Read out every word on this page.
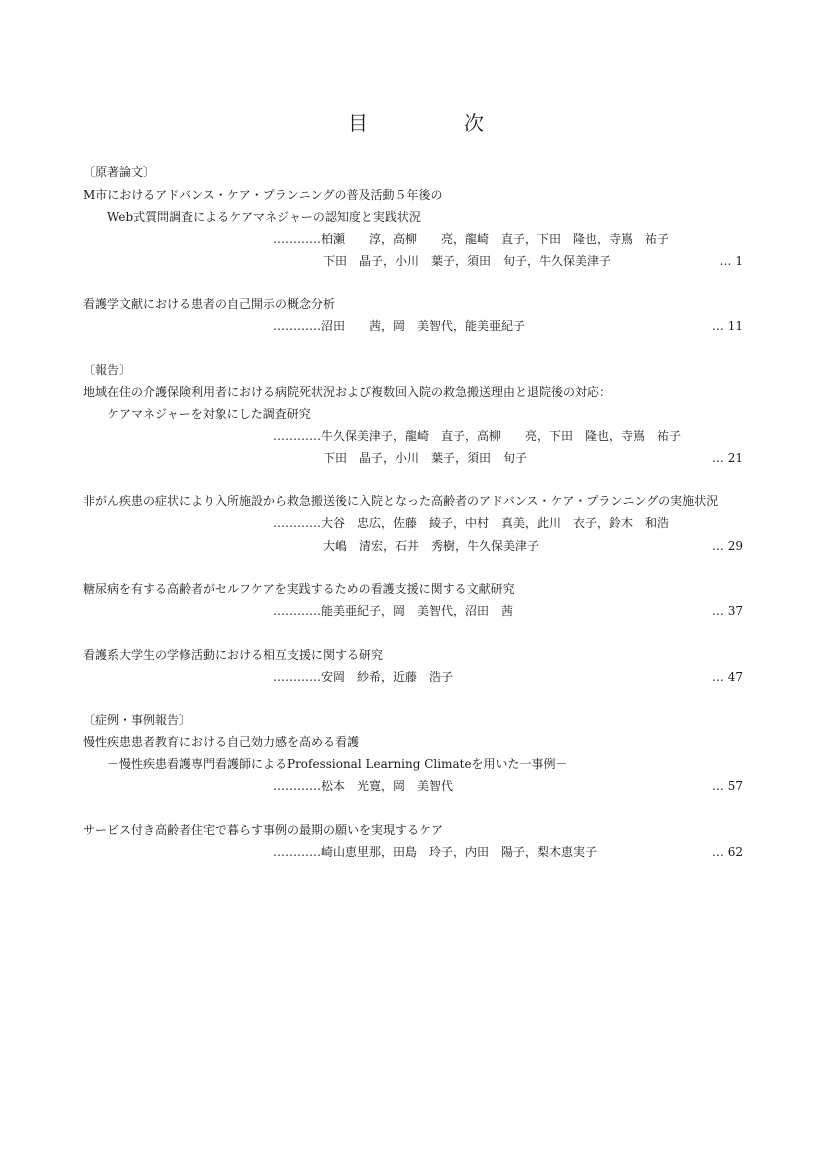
目	次
〔原著論文〕
M市におけるアドバンス・ケア・プランニングの普及活動５年後の
Web式質問調査によるケアマネジャーの認知度と実践状況
…………柏瀬　　淳，高柳　　亮，龍崎　直子，下田　隆也，寺嶌　祐子
下田　晶子，小川　葉子，須田　旬子，牛久保美津子	… 1
看護学文献における患者の自己開示の概念分析
…………沼田　　茜，岡　美智代，能美亜紀子	… 11
〔報告〕
地域在住の介護保険利用者における病院死状況および複数回入院の救急搬送理由と退院後の対応：
ケアマネジャーを対象にした調査研究
…………牛久保美津子，龍崎　直子，高柳　　亮，下田　隆也，寺嶌　祐子
下田　晶子，小川　葉子，須田　旬子	… 21
非がん疾患の症状により入所施設から救急搬送後に入院となった高齢者のアドバンス・ケア・プランニングの実施状況
…………大谷　忠広，佐藤　綾子，中村　真美，此川　衣子，鈴木　和浩
大嶋　清宏，石井　秀樹，牛久保美津子	… 29
糖尿病を有する高齢者がセルフケアを実践するための看護支援に関する文献研究
…………能美亜紀子，岡　美智代，沼田　茜	… 37
看護系大学生の学修活動における相互支援に関する研究
…………安岡　紗希，近藤　浩子	… 47
〔症例・事例報告〕
慢性疾患患者教育における自己効力感を高める看護
－慢性疾患看護専門看護師によるProfessional Learning Climateを用いた一事例－
…………松本　光寛，岡　美智代	… 57
サービス付き高齢者住宅で暮らす事例の最期の願いを実現するケア
…………崎山恵里那，田島　玲子，内田　陽子，梨木恵実子	… 62
